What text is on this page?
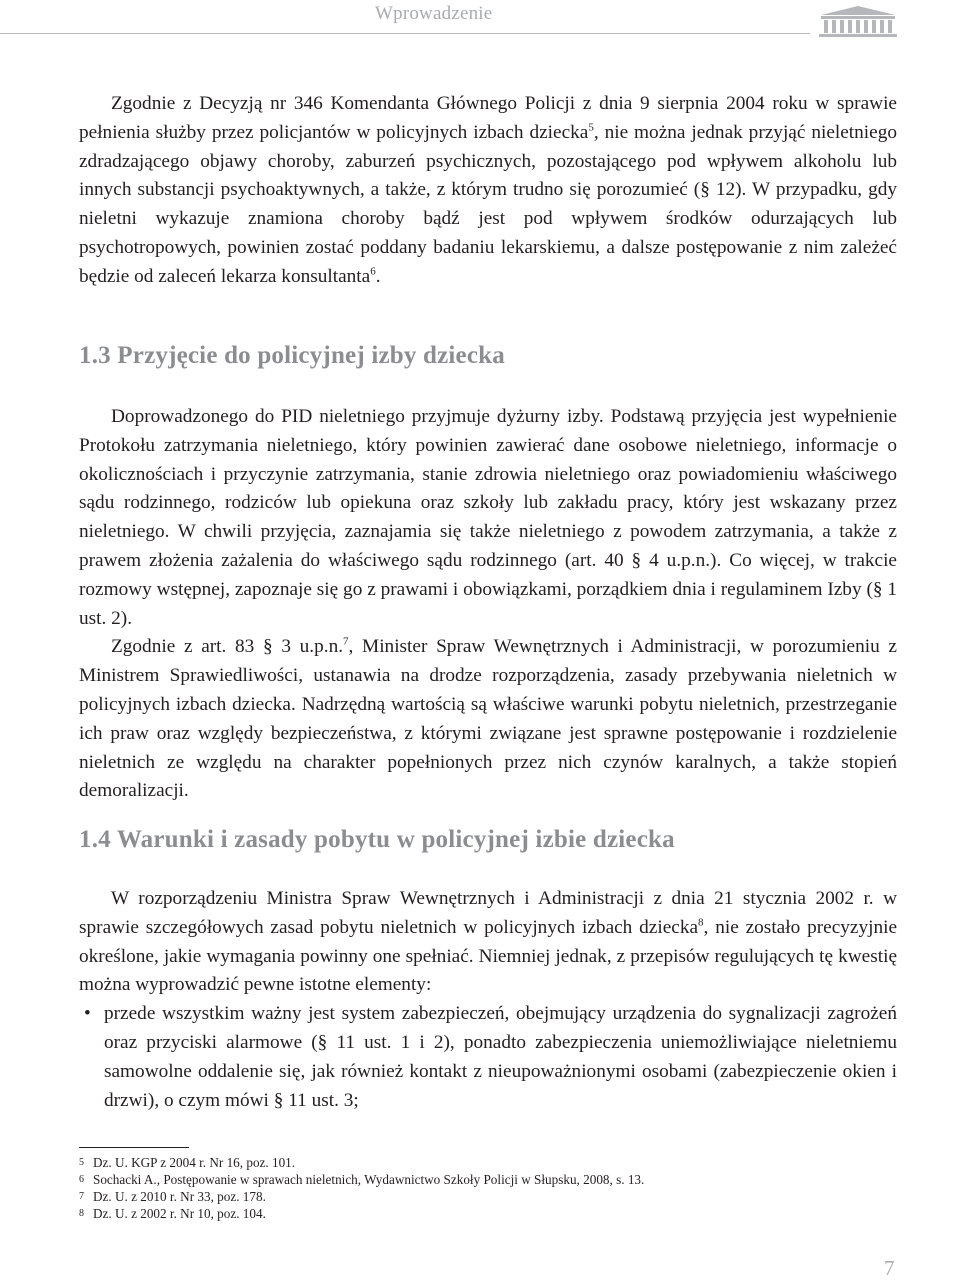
Wprowadzenie

Zgodnie z Decyzją nr 346 Komendanta Głównego Policji z dnia 9 sierpnia 2004 roku w sprawie pełnienia służby przez policjantów w policyjnych izbach dziecka$^5$, nie można jednak przyjąć nieletniego zdradzającego objawy choroby, zaburzeń psychicznych, pozostającego pod wpływem alkoholu lub innych substancji psychoaktywnych, a także, z którym trudno się porozumieć (§ 12). W przypadku, gdy nieletni wykazuje znamiona choroby bądź jest pod wpływem środków odurzających lub psychotropowych, powinien zostać poddany badaniu lekarskiemu, a dalsze postępowanie z nim zależeć będzie od zaleceń lekarza konsultanta$^6$.

1.3 Przyjęcie do policyjnej izby dziecka

Doprowadzonego do PID nieletniego przyjmuje dyżurny izby. Podstawą przyjęcia jest wypełnienie Protokołu zatrzymania nieletniego, który powinien zawierać dane osobowe nieletniego, informacje o okolicznościach i przyczynie zatrzymania, stanie zdrowia nieletniego oraz powiadomieniu właściwego sądu rodzinnego, rodziców lub opiekuna oraz szkoły lub zakładu pracy, który jest wskazany przez nieletniego. W chwili przyjęcia, zaznajamia się także nieletniego z powodem zatrzymania, a także z prawem złożenia zażalenia do właściwego sądu rodzinnego (art. 40 § 4 u.p.n.). Co więcej, w trakcie rozmowy wstępnej, zapoznaje się go z prawami i obowiązkami, porządkiem dnia i regulaminem Izby (§ 1 ust. 2).

Zgodnie z art. 83 § 3 u.p.n.$^7$, Minister Spraw Wewnętrznych i Administracji, w porozumieniu z Ministrem Sprawiedliwości, ustanawia na drodze rozporządzenia, zasady przebywania nieletnich w policyjnych izbach dziecka. Nadrzędną wartością są właściwe warunki pobytu nieletnich, przestrzeganie ich praw oraz względy bezpieczeństwa, z którymi związane jest sprawne postępowanie i rozdzielenie nieletnich ze względu na charakter popełnionych przez nich czynów karalnych, a także stopień demoralizacji.

1.4 Warunki i zasady pobytu w policyjnej izbie dziecka

W rozporządzeniu Ministra Spraw Wewnętrznych i Administracji z dnia 21 stycznia 2002 r. w sprawie szczegółowych zasad pobytu nieletnich w policyjnych izbach dziecka$^8$, nie zostało precyzyjnie określone, jakie wymagania powinny one spełniać. Niemniej jednak, z przepisów regulujących tę kwestię można wyprowadzić pewne istotne elementy:

• przede wszystkim ważny jest system zabezpieczeń, obejmujący urządzenia do sygnalizacji zagrożeń oraz przyciski alarmowe (§ 11 ust. 1 i 2), ponadto zabezpieczenia uniemożliwiające nieletniemu samowolne oddalenie się, jak również kontakt z nieupoważnionymi osobami (zabezpieczenie okien i drzwi), o czym mówi § 11 ust. 3;
5 Dz. U. KGP z 2004 r. Nr 16, poz. 101.
6 Sochacki A., Postępowanie w sprawach nieletnich, Wydawnictwo Szkoły Policji w Słupsku, 2008, s. 13.
7 Dz. U. z 2010 r. Nr 33, poz. 178.
8 Dz. U. z 2002 r. Nr 10, poz. 104.
7
